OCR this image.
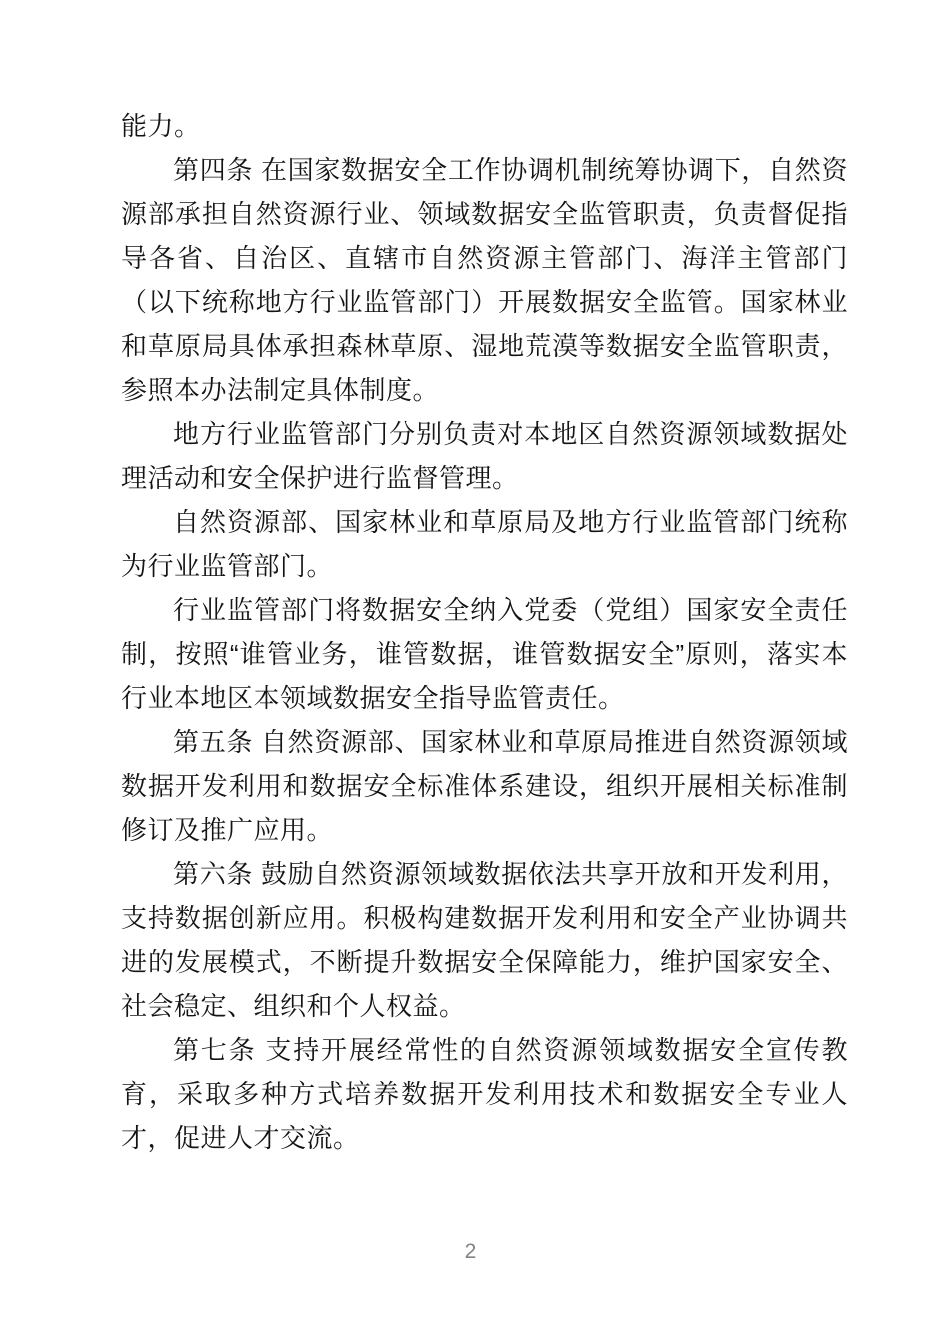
能力。

第四条 在国家数据安全工作协调机制统筹协调下，自然资源部承担自然资源行业、领域数据安全监管职责，负责督促指导各省、自治区、直辖市自然资源主管部门、海洋主管部门（以下统称地方行业监管部门）开展数据安全监管。国家林业和草原局具体承担森林草原、湿地荒漠等数据安全监管职责，参照本办法制定具体制度。

地方行业监管部门分别负责对本地区自然资源领域数据处理活动和安全保护进行监督管理。

自然资源部、国家林业和草原局及地方行业监管部门统称为行业监管部门。

行业监管部门将数据安全纳入党委（党组）国家安全责任制，按照“谁管业务，谁管数据，谁管数据安全”原则，落实本行业本地区本领域数据安全指导监管责任。

第五条 自然资源部、国家林业和草原局推进自然资源领域数据开发利用和数据安全标准体系建设，组织开展相关标准制修订及推广应用。

第六条 鼓励自然资源领域数据依法共享开放和开发利用，支持数据创新应用。积极构建数据开发利用和安全产业协调共进的发展模式，不断提升数据安全保障能力，维护国家安全、社会稳定、组织和个人权益。

第七条 支持开展经常性的自然资源领域数据安全宣传教育，采取多种方式培养数据开发利用技术和数据安全专业人才，促进人才交流。

2
